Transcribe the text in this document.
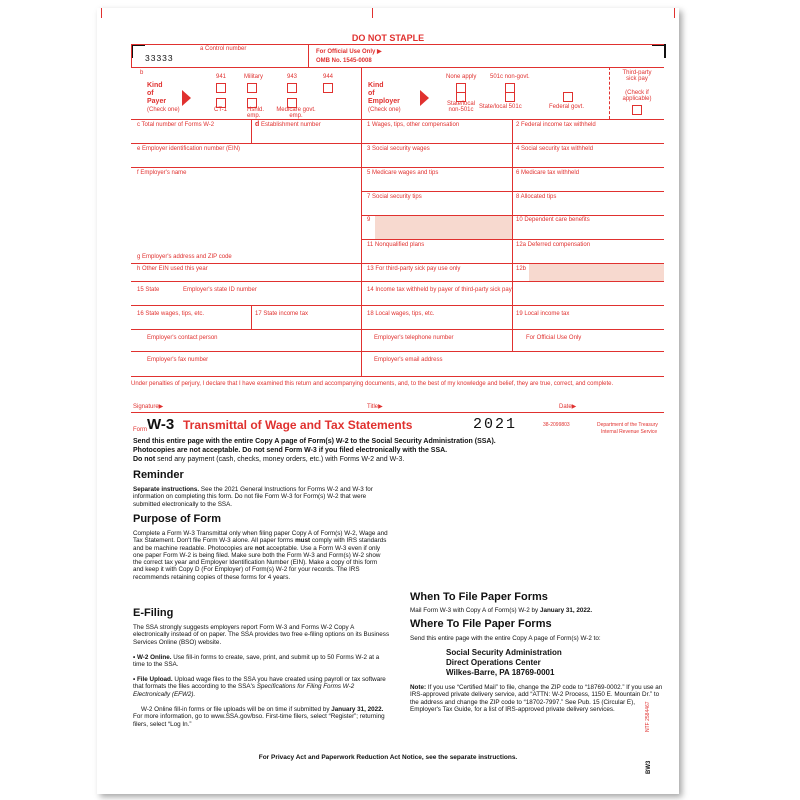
DO NOT STAPLE
33333
a Control number	For Official Use Only ▶
OMB No. 1545-0008
b
Kind
of
Payer
(Check one)
941	Military	943	944
CT-1	Hshld. emp.
Medicare govt. emp.
Kind
of
Employer
(Check one)
None apply 501c non-govt.
State/local non-501c State/local 501c	Federal govt.
Third-party sick pay
(Check if applicable)
c Total number of Forms W-2	d Establishment number	1 Wages, tips, other compensation	2 Federal income tax withheld
e Employer identification number (EIN)	3 Social security wages	4 Social security tax withheld
f Employer's name	5 Medicare wages and tips	6 Medicare tax withheld
7 Social security tips	8 Allocated tips
9	10 Dependent care benefits
11 Nonqualified plans	12a Deferred compensation
g Employer's address and ZIP code
h Other EIN used this year	13 For third-party sick pay use only	12b
15 State	Employer's state ID number	14 Income tax withheld by payer of third-party sick pay
16 State wages, tips, etc.	17 State income tax	18 Local wages, tips, etc.	19 Local income tax
Employer's contact person	Employer's telephone number	For Official Use Only
Employer's fax number	Employer's email address
Under penalties of perjury, I declare that I have examined this return and accompanying documents, and, to the best of my knowledge and belief, they are true, correct, and complete.
Signature▶	Title▶	Date▶
Form W-3 Transmittal of Wage and Tax Statements	2021	38-2099803	Department of the Treasury
Internal Revenue Service
Send this entire page with the entire Copy A page of Form(s) W-2 to the Social Security Administration (SSA).
Photocopies are not acceptable. Do not send Form W-3 if you filed electronically with the SSA.
Do not send any payment (cash, checks, money orders, etc.) with Forms W-2 and W-3.
Reminder
Separate instructions. See the 2021 General Instructions for Forms W-2 and W-3 for information on completing this form. Do not file Form W-3 for Form(s) W-2 that were submitted electronically to the SSA.
Purpose of Form
Complete a Form W-3 Transmittal only when filing paper Copy A of Form(s) W-2, Wage and Tax Statement. Don't file Form W-3 alone. All paper forms must comply with IRS standards and be machine readable. Photocopies are not acceptable. Use a Form W-3 even if only one paper Form W-2 is being filed. Make sure both the Form W-3 and Form(s) W-2 show the correct tax year and Employer Identification Number (EIN). Make a copy of this form and keep it with Copy D (For Employer) of Form(s) W-2 for your records. The IRS recommends retaining copies of these forms for 4 years.
E-Filing
The SSA strongly suggests employers report Form W-3 and Forms W-2 Copy A electronically instead of on paper. The SSA provides two free e-filing options on its Business Services Online (BSO) website.
• W-2 Online. Use fill-in forms to create, save, print, and submit up to 50 Forms W-2 at a time to the SSA.
• File Upload. Upload wage files to the SSA you have created using payroll or tax software that formats the files according to the SSA's Specifications for Filing Forms W-2 Electronically (EFW2).
W-2 Online fill-in forms or file uploads will be on time if submitted by January 31, 2022. For more information, go to www.SSA.gov/bso. First-time filers, select “Register”; returning filers, select “Log In.”
When To File Paper Forms
Mail Form W-3 with Copy A of Form(s) W-2 by January 31, 2022.
Where To File Paper Forms
Send this entire page with the entire Copy A page of Form(s) W-2 to:
Social Security Administration
Direct Operations Center
Wilkes-Barre, PA 18769-0001
Note: If you use “Certified Mail” to file, change the ZIP code to “18769-0002.” If you use an IRS-approved private delivery service, add “ATTN: W-2 Process, 1150 E. Mountain Dr.” to the address and change the ZIP code to “18702-7997.” See Pub. 15 (Circular E), Employer's Tax Guide, for a list of IRS-approved private delivery services.
For Privacy Act and Paperwork Reduction Act Notice, see the separate instructions.
NTF 2584467
BW3
